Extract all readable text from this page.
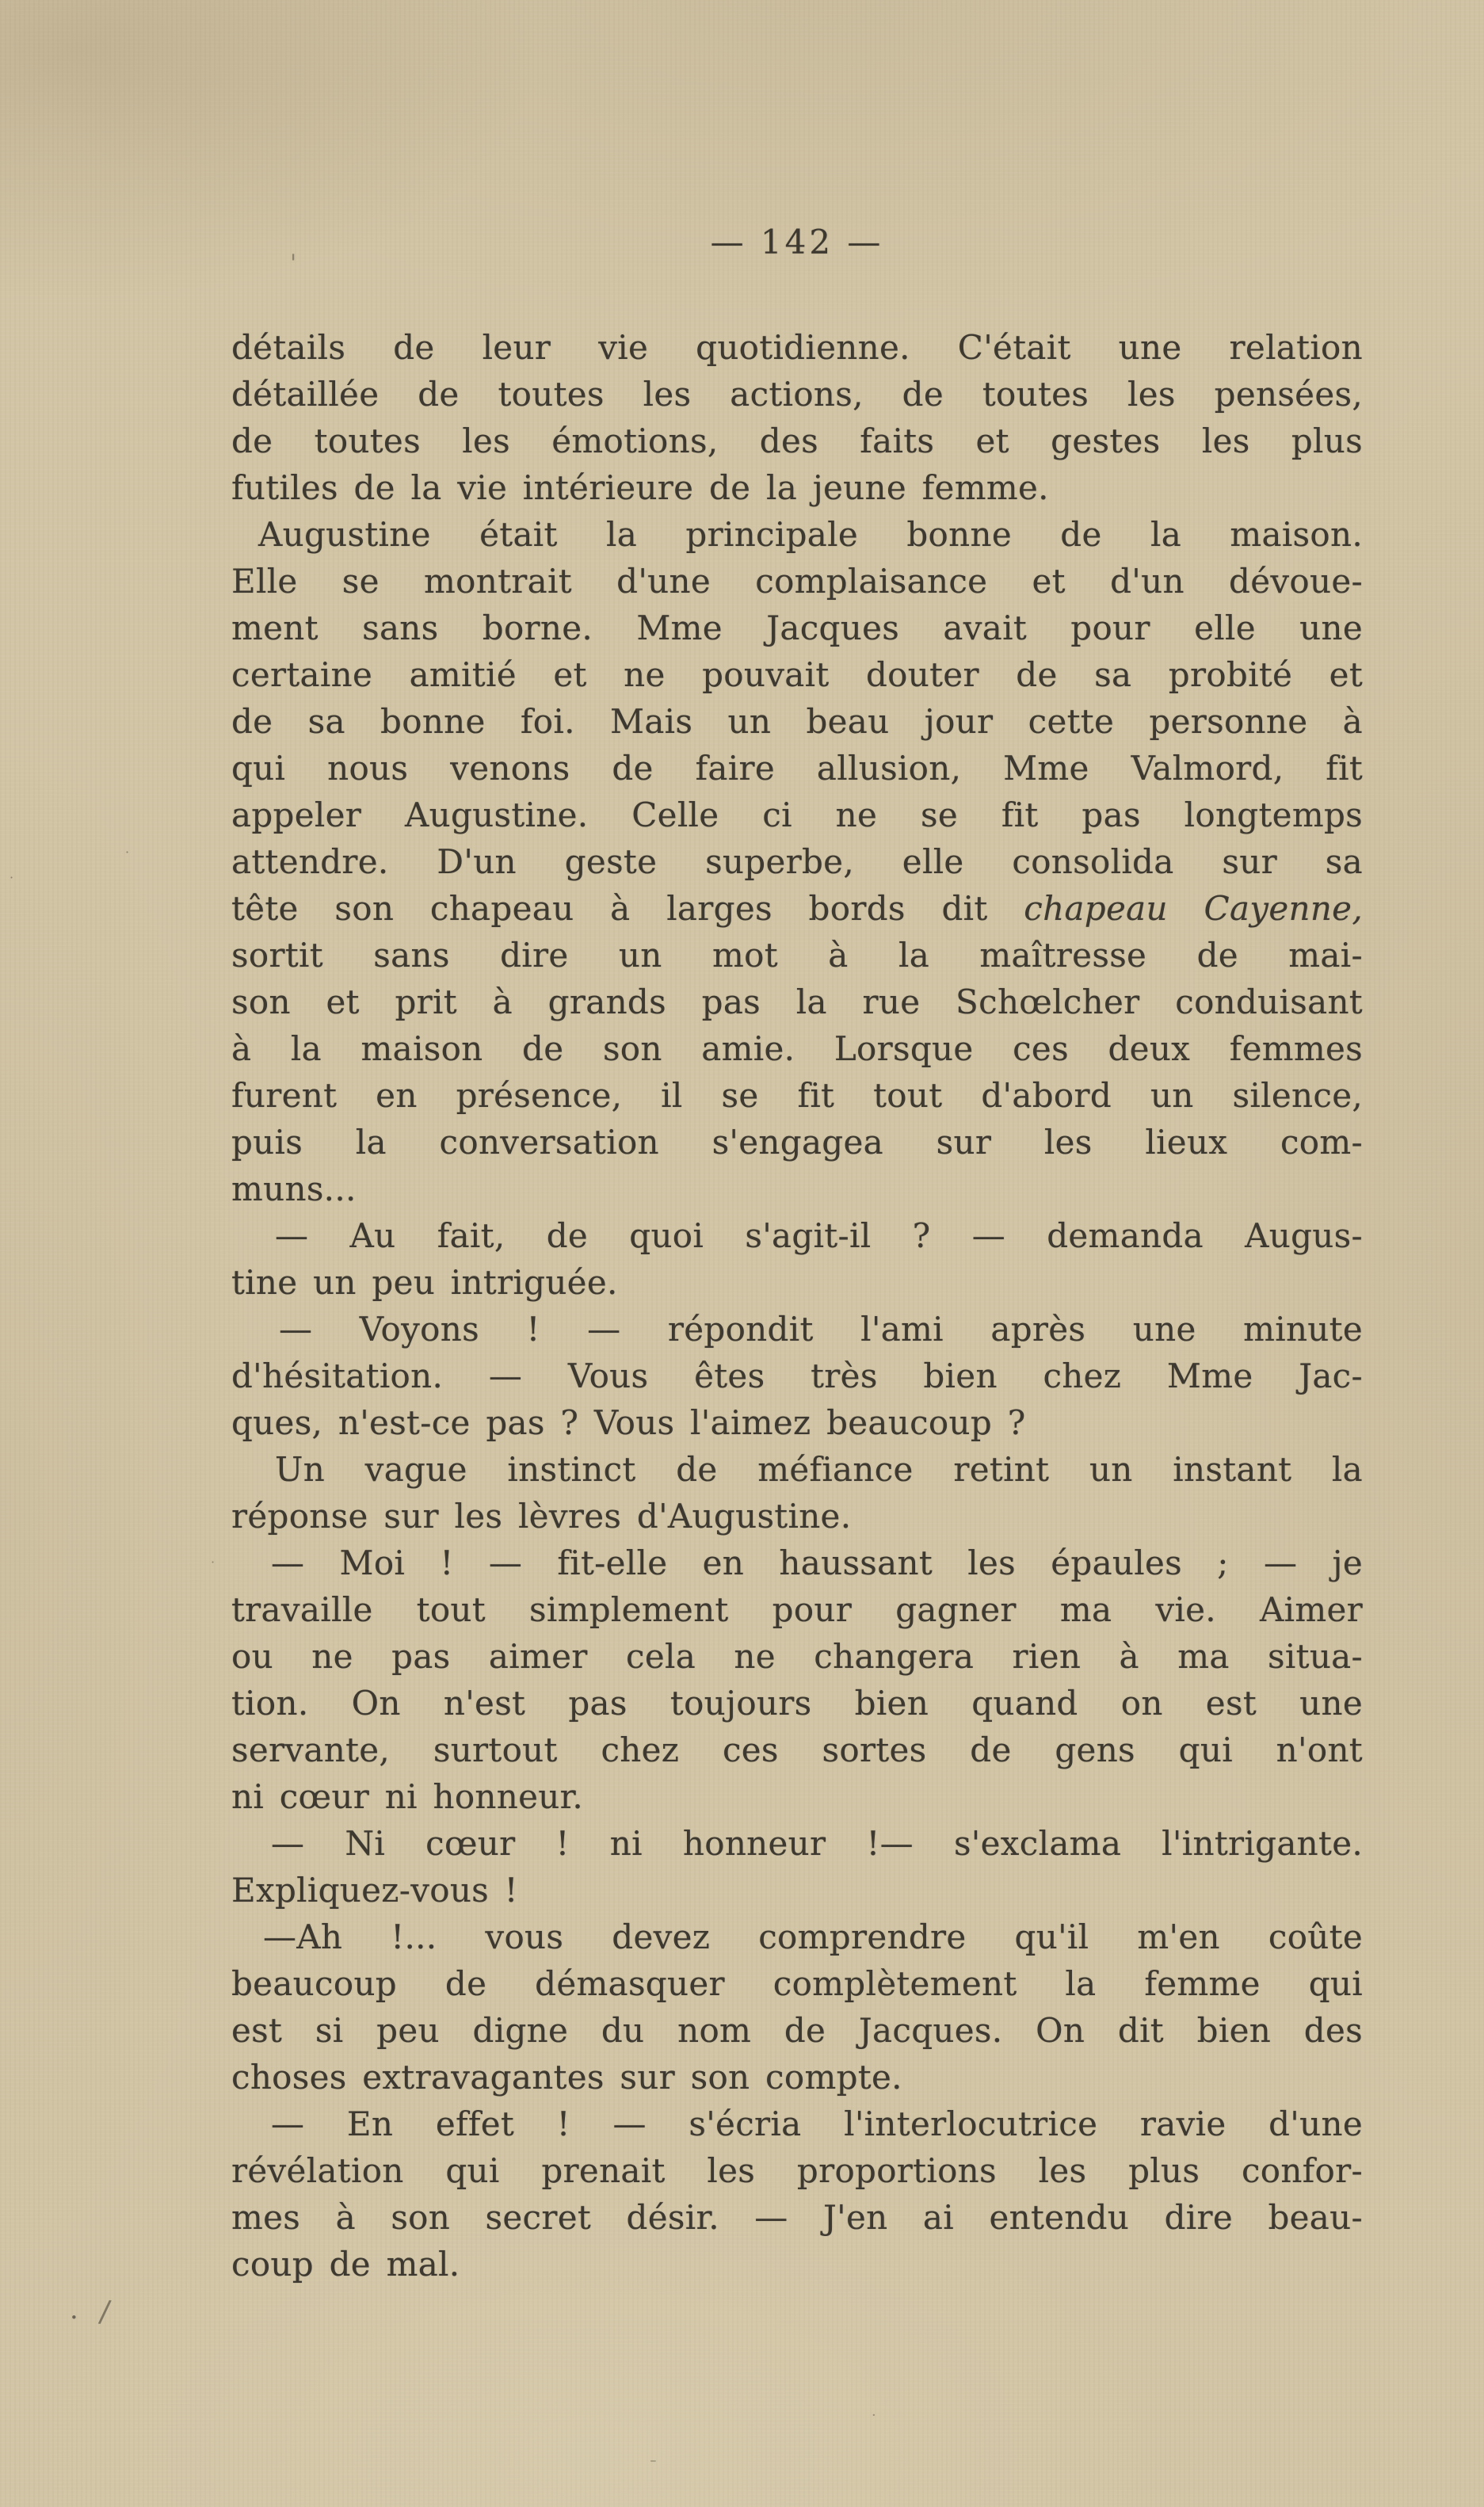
— 142 —
détails de leur vie quotidienne. C'était une relation
détaillée de toutes les actions, de toutes les pensées,
de toutes les émotions, des faits et gestes les plus
futiles de la vie intérieure de la jeune femme.
Augustine était la principale bonne de la maison.
Elle se montrait d'une complaisance et d'un dévoue-
ment sans borne. Mme Jacques avait pour elle une
certaine amitié et ne pouvait douter de sa probité et
de sa bonne foi. Mais un beau jour cette personne à
qui nous venons de faire allusion, Mme Valmord, fit
appeler Augustine. Celle ci ne se fit pas longtemps
attendre. D'un geste superbe, elle consolida sur sa
tête son chapeau à larges bords dit chapeau Cayenne,
sortit sans dire un mot à la maîtresse de mai-
son et prit à grands pas la rue Schœlcher conduisant
à la maison de son amie. Lorsque ces deux femmes
furent en présence, il se fit tout d'abord un silence,
puis la conversation s'engagea sur les lieux com-
muns...
— Au fait, de quoi s'agit-il ? — demanda Augus-
tine un peu intriguée.
— Voyons ! — répondit l'ami après une minute
d'hésitation. — Vous êtes très bien chez Mme Jac-
ques, n'est-ce pas ? Vous l'aimez beaucoup ?
Un vague instinct de méfiance retint un instant la
réponse sur les lèvres d'Augustine.
— Moi ! — fit-elle en haussant les épaules ; — je
travaille tout simplement pour gagner ma vie. Aimer
ou ne pas aimer cela ne changera rien à ma situa-
tion. On n'est pas toujours bien quand on est une
servante, surtout chez ces sortes de gens qui n'ont
ni cœur ni honneur.
— Ni cœur ! ni honneur !— s'exclama l'intrigante.
Expliquez-vous !
—Ah !... vous devez comprendre qu'il m'en coûte
beaucoup de démasquer complètement la femme qui
est si peu digne du nom de Jacques. On dit bien des
choses extravagantes sur son compte.
— En effet ! — s'écria l'interlocutrice ravie d'une
révélation qui prenait les proportions les plus confor-
mes à son secret désir. — J'en ai entendu dire beau-
coup de mal.
· /
'
·
·
·
·
-
